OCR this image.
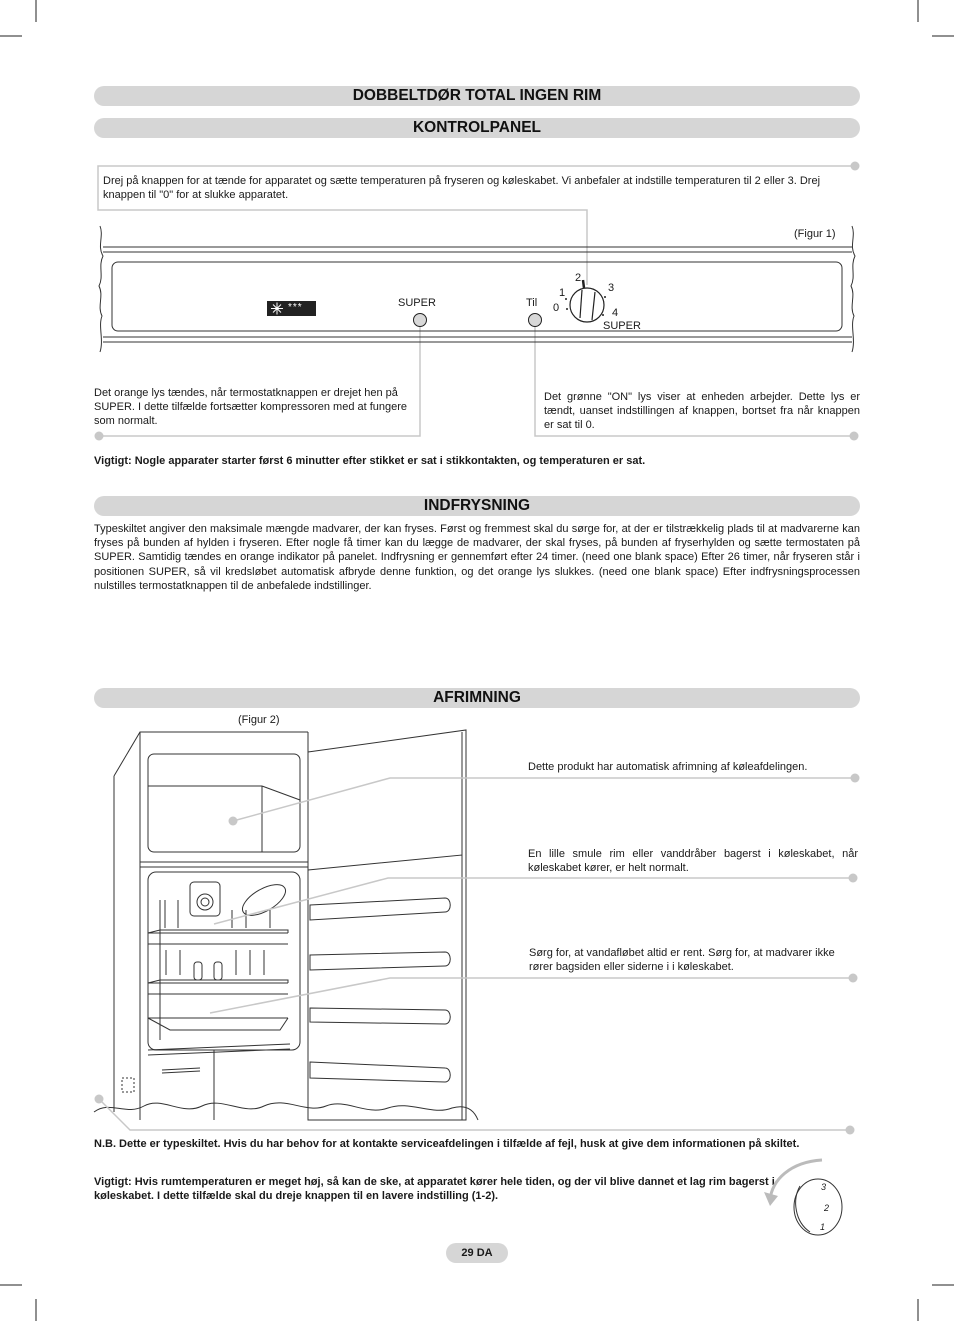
DOBBELTDØR TOTAL INGEN RIM
KONTROLPANEL
Drej på knappen for at tænde for apparatet og sætte temperaturen på fryseren og køleskabet. Vi anbefaler at indstille temperaturen til 2 eller 3. Drej knappen til "0" for at slukke apparatet.
***
(Figur 1)
SUPER	Til
2
1
0
3
4
SUPER
Det orange lys tændes, når termostatknappen er drejet hen på SUPER. I dette tilfælde fortsætter kompressoren med at fungere som normalt.
Det grønne "ON" lys viser at enheden arbejder. Dette lys er tændt, uanset indstillingen af knappen, bortset fra når knappen er sat til 0.
Vigtigt: Nogle apparater starter først 6 minutter efter stikket er sat i stikkontakten, og temperaturen er sat.
INDFRYSNING
Typeskiltet angiver den maksimale mængde madvarer, der kan fryses. Først og fremmest skal du sørge for, at der er tilstrækkelig plads til at madvarerne kan fryses på bunden af hylden i fryseren. Efter nogle få timer kan du lægge de madvarer, der skal fryses, på bunden af fryserhylden og sætte termostaten på SUPER. Samtidig tændes en orange indikator på panelet. Indfrysning er gennemført efter 24 timer. (need one blank space) Efter 26 timer, når fryseren står i positionen SUPER, så vil kredsløbet automatisk afbryde denne funktion, og det orange lys slukkes. (need one blank space) Efter indfrysningsprocessen nulstilles termostatknappen til de anbefalede indstillinger.
AFRIMNING
(Figur 2)
Dette produkt har automatisk afrimning af køleafdelingen.
En lille smule rim eller vanddråber bagerst i køleskabet, når køleskabet kører, er helt normalt.
Sørg for, at vandafløbet altid er rent. Sørg for, at madvarer ikke rører bagsiden eller siderne i i køleskabet.
N.B. Dette er typeskiltet. Hvis du har behov for at kontakte serviceafdelingen i tilfælde af fejl, husk at give dem informationen på skiltet.
Vigtigt: Hvis rumtemperaturen er meget høj, så kan de ske, at apparatet kører hele tiden, og der vil blive dannet et lag rim bagerst i køleskabet. I dette tilfælde skal du dreje knappen til en lavere indstilling (1-2).
3
2
1
29 DA
